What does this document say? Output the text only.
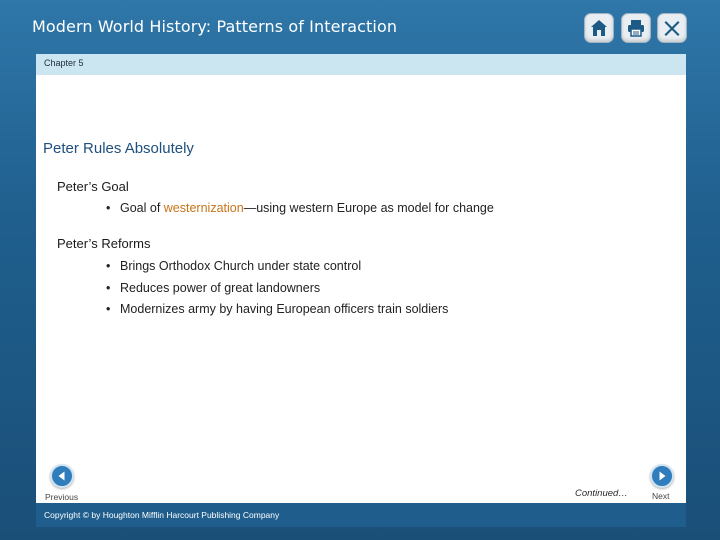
Modern World History: Patterns of Interaction
Chapter 5
Peter Rules Absolutely
Peter’s Goal
• Goal of westernization—using western Europe as model for change
Peter’s Reforms
• Brings Orthodox Church under state control
• Reduces power of great landowners
• Modernizes army by having European officers train soldiers
Previous	Continued…	Next
Copyright © by Houghton Mifflin Harcourt Publishing Company
